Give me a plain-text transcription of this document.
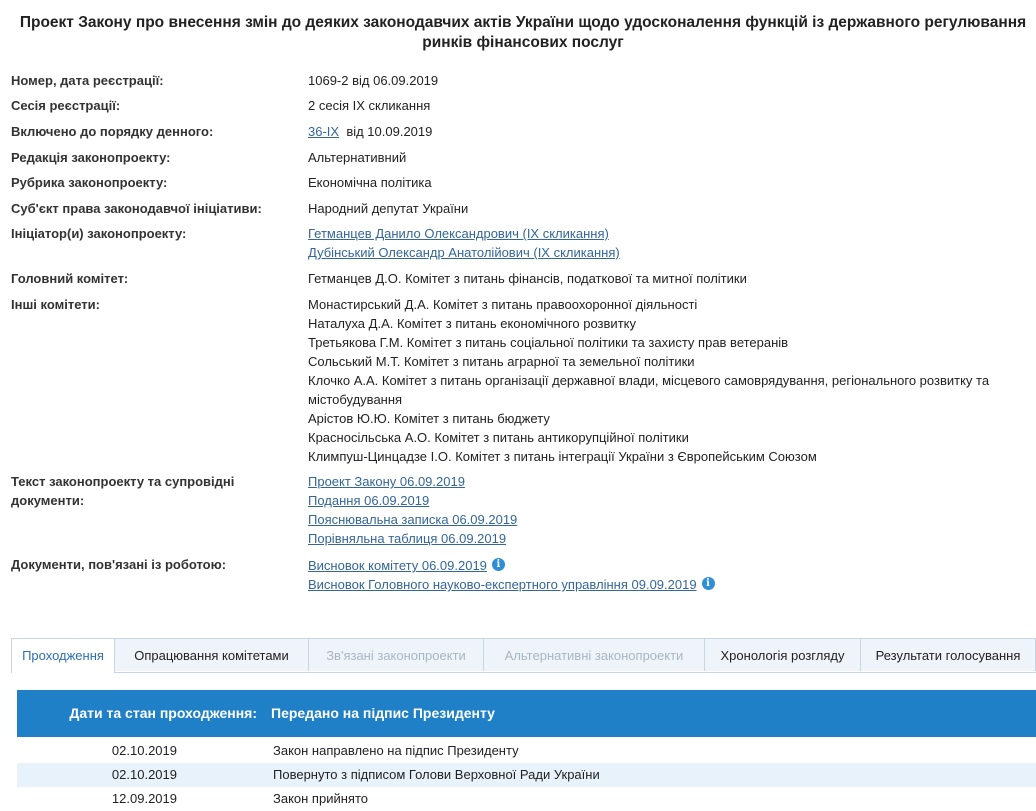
Проект Закону про внесення змін до деяких законодавчих актів України щодо удосконалення функцій із державного регулювання
ринків фінансових послуг
Номер, дата реєстрації:	1069-2 від 06.09.2019
Сесія реєстрації:	2 сесія IX скликання
Включено до порядку денного:	36-IX від 10.09.2019
Редакція законопроекту:	Альтернативний
Рубрика законопроекту:	Економічна політика
Суб'єкт права законодавчої ініціативи:	Народний депутат України
Ініціатор(и) законопроекту:	Гетманцев Данило Олександрович (IX скликання)
Дубінський Олександр Анатолійович (IX скликання)
Головний комітет:	Гетманцев Д.О. Комітет з питань фінансів, податкової та митної політики
Інші комітети:	Монастирський Д.А. Комітет з питань правоохоронної діяльності
Наталуха Д.А. Комітет з питань економічного розвитку
Третьякова Г.М. Комітет з питань соціальної політики та захисту прав ветеранів
Сольський М.Т. Комітет з питань аграрної та земельної політики
Клочко А.А. Комітет з питань організації державної влади, місцевого самоврядування, регіонального розвитку та
містобудування
Арістов Ю.Ю. Комітет з питань бюджету
Красносільська А.О. Комітет з питань антикорупційної політики
Климпуш-Цинцадзе І.О. Комітет з питань інтеграції України з Європейським Союзом
Текст законопроекту та супровідні
документи:
Проект Закону 06.09.2019
Подання 06.09.2019
Пояснювальна записка 06.09.2019
Порівняльна таблиця 06.09.2019
Документи, пов'язані із роботою:	Висновок комітету 06.09.2019 i
Висновок Головного науково-експертного управління 09.09.2019 i
Проходження	Опрацювання комітетами	Зв'язані законопроекти	Альтернативні законопроекти	Хронологія розгляду	Результати голосування
Дати та стан проходження: Передано на підпис Президенту
02.10.2019	Закон направлено на підпис Президенту
02.10.2019	Повернуто з підписом Голови Верховної Ради України
12.09.2019	Закон прийнято
